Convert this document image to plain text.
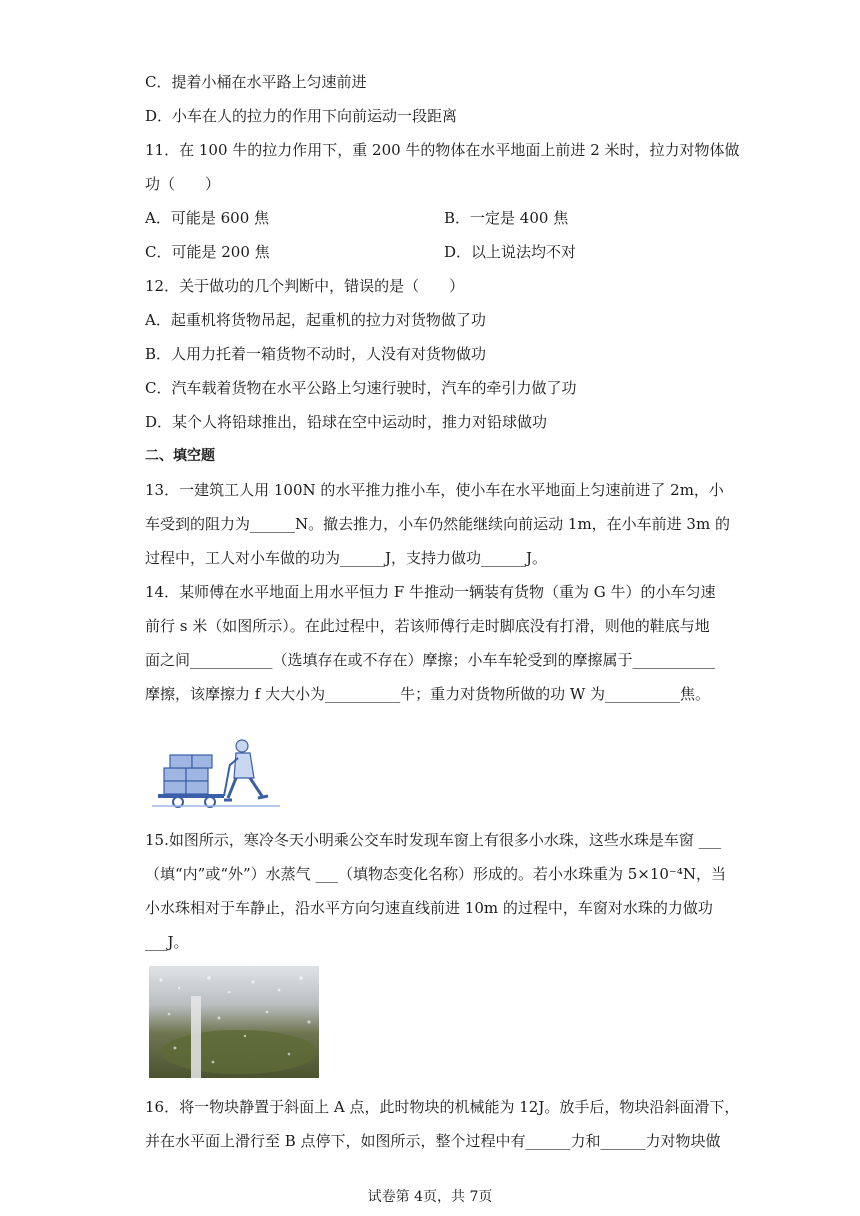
C．提着小桶在水平路上匀速前进
D．小车在人的拉力的作用下向前运动一段距离
11．在 100 牛的拉力作用下，重 200 牛的物体在水平地面上前进 2 米时，拉力对物体做
功（　　）
A．可能是 600 焦	B．一定是 400 焦
C．可能是 200 焦	D．以上说法均不对
12．关于做功的几个判断中，错误的是（　　）
A．起重机将货物吊起，起重机的拉力对货物做了功
B．人用力托着一箱货物不动时，人没有对货物做功
C．汽车载着货物在水平公路上匀速行驶时，汽车的牵引力做了功
D．某个人将铅球推出，铅球在空中运动时，推力对铅球做功
二、填空题
13．一建筑工人用 100N 的水平推力推小车，使小车在水平地面上匀速前进了 2m，小
车受到的阻力为______N。撤去推力，小车仍然能继续向前运动 1m，在小车前进 3m 的
过程中，工人对小车做的功为______J，支持力做功______J。
14．某师傅在水平地面上用水平恒力 F 牛推动一辆装有货物（重为 G 牛）的小车匀速
前行 s 米（如图所示）。在此过程中，若该师傅行走时脚底没有打滑，则他的鞋底与地
面之间___________（选填存在或不存在）摩擦；小车车轮受到的摩擦属于___________
摩擦，该摩擦力 f 大大小为__________牛；重力对货物所做的功 W 为__________焦。
15.如图所示，寒冷冬天小明乘公交车时发现车窗上有很多小水珠，这些水珠是车窗 ___
（填“内”或“外”）水蒸气 ___（填物态变化名称）形成的。若小水珠重为 5×10⁻⁴N，当
小水珠相对于车静止，沿水平方向匀速直线前进 10m 的过程中，车窗对水珠的力做功
___J。
16．将一物块静置于斜面上 A 点，此时物块的机械能为 12J。放手后，物块沿斜面滑下，
并在水平面上滑行至 B 点停下，如图所示，整个过程中有______力和______力对物块做
试卷第 4页，共 7页
